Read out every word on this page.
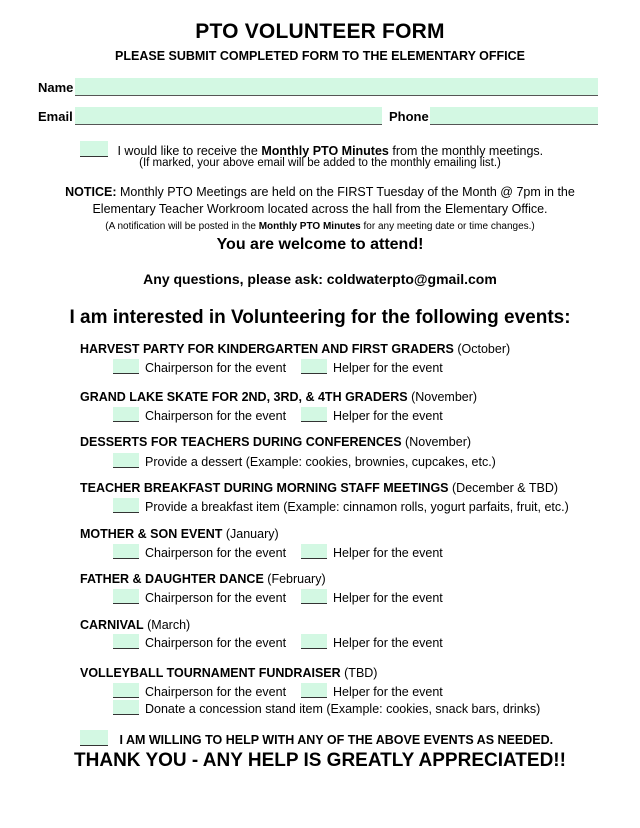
PTO VOLUNTEER FORM
PLEASE SUBMIT COMPLETED FORM TO THE ELEMENTARY OFFICE
Name
Email	Phone
I would like to receive the Monthly PTO Minutes from the monthly meetings.
(If marked, your above email will be added to the monthly emailing list.)
NOTICE: Monthly PTO Meetings are held on the FIRST Tuesday of the Month @ 7pm in the
Elementary Teacher Workroom located across the hall from the Elementary Office.
(A notification will be posted in the Monthly PTO Minutes for any meeting date or time changes.)
You are welcome to attend!
Any questions, please ask: coldwaterpto@gmail.com
I am interested in Volunteering for the following events:
HARVEST PARTY FOR KINDERGARTEN AND FIRST GRADERS (October)
Chairperson for the event	Helper for the event
GRAND LAKE SKATE FOR 2ND, 3RD, & 4TH GRADERS (November)
Chairperson for the event	Helper for the event
DESSERTS FOR TEACHERS DURING CONFERENCES (November)
Provide a dessert (Example: cookies, brownies, cupcakes, etc.)
TEACHER BREAKFAST DURING MORNING STAFF MEETINGS (December & TBD)
Provide a breakfast item (Example: cinnamon rolls, yogurt parfaits, fruit, etc.)
MOTHER & SON EVENT (January)
Chairperson for the event	Helper for the event
FATHER & DAUGHTER DANCE (February)
Chairperson for the event	Helper for the event
CARNIVAL (March)
Chairperson for the event	Helper for the event
VOLLEYBALL TOURNAMENT FUNDRAISER (TBD)
Chairperson for the event	Helper for the event
Donate a concession stand item (Example: cookies, snack bars, drinks)
I AM WILLING TO HELP WITH ANY OF THE ABOVE EVENTS AS NEEDED.
THANK YOU - ANY HELP IS GREATLY APPRECIATED!!
